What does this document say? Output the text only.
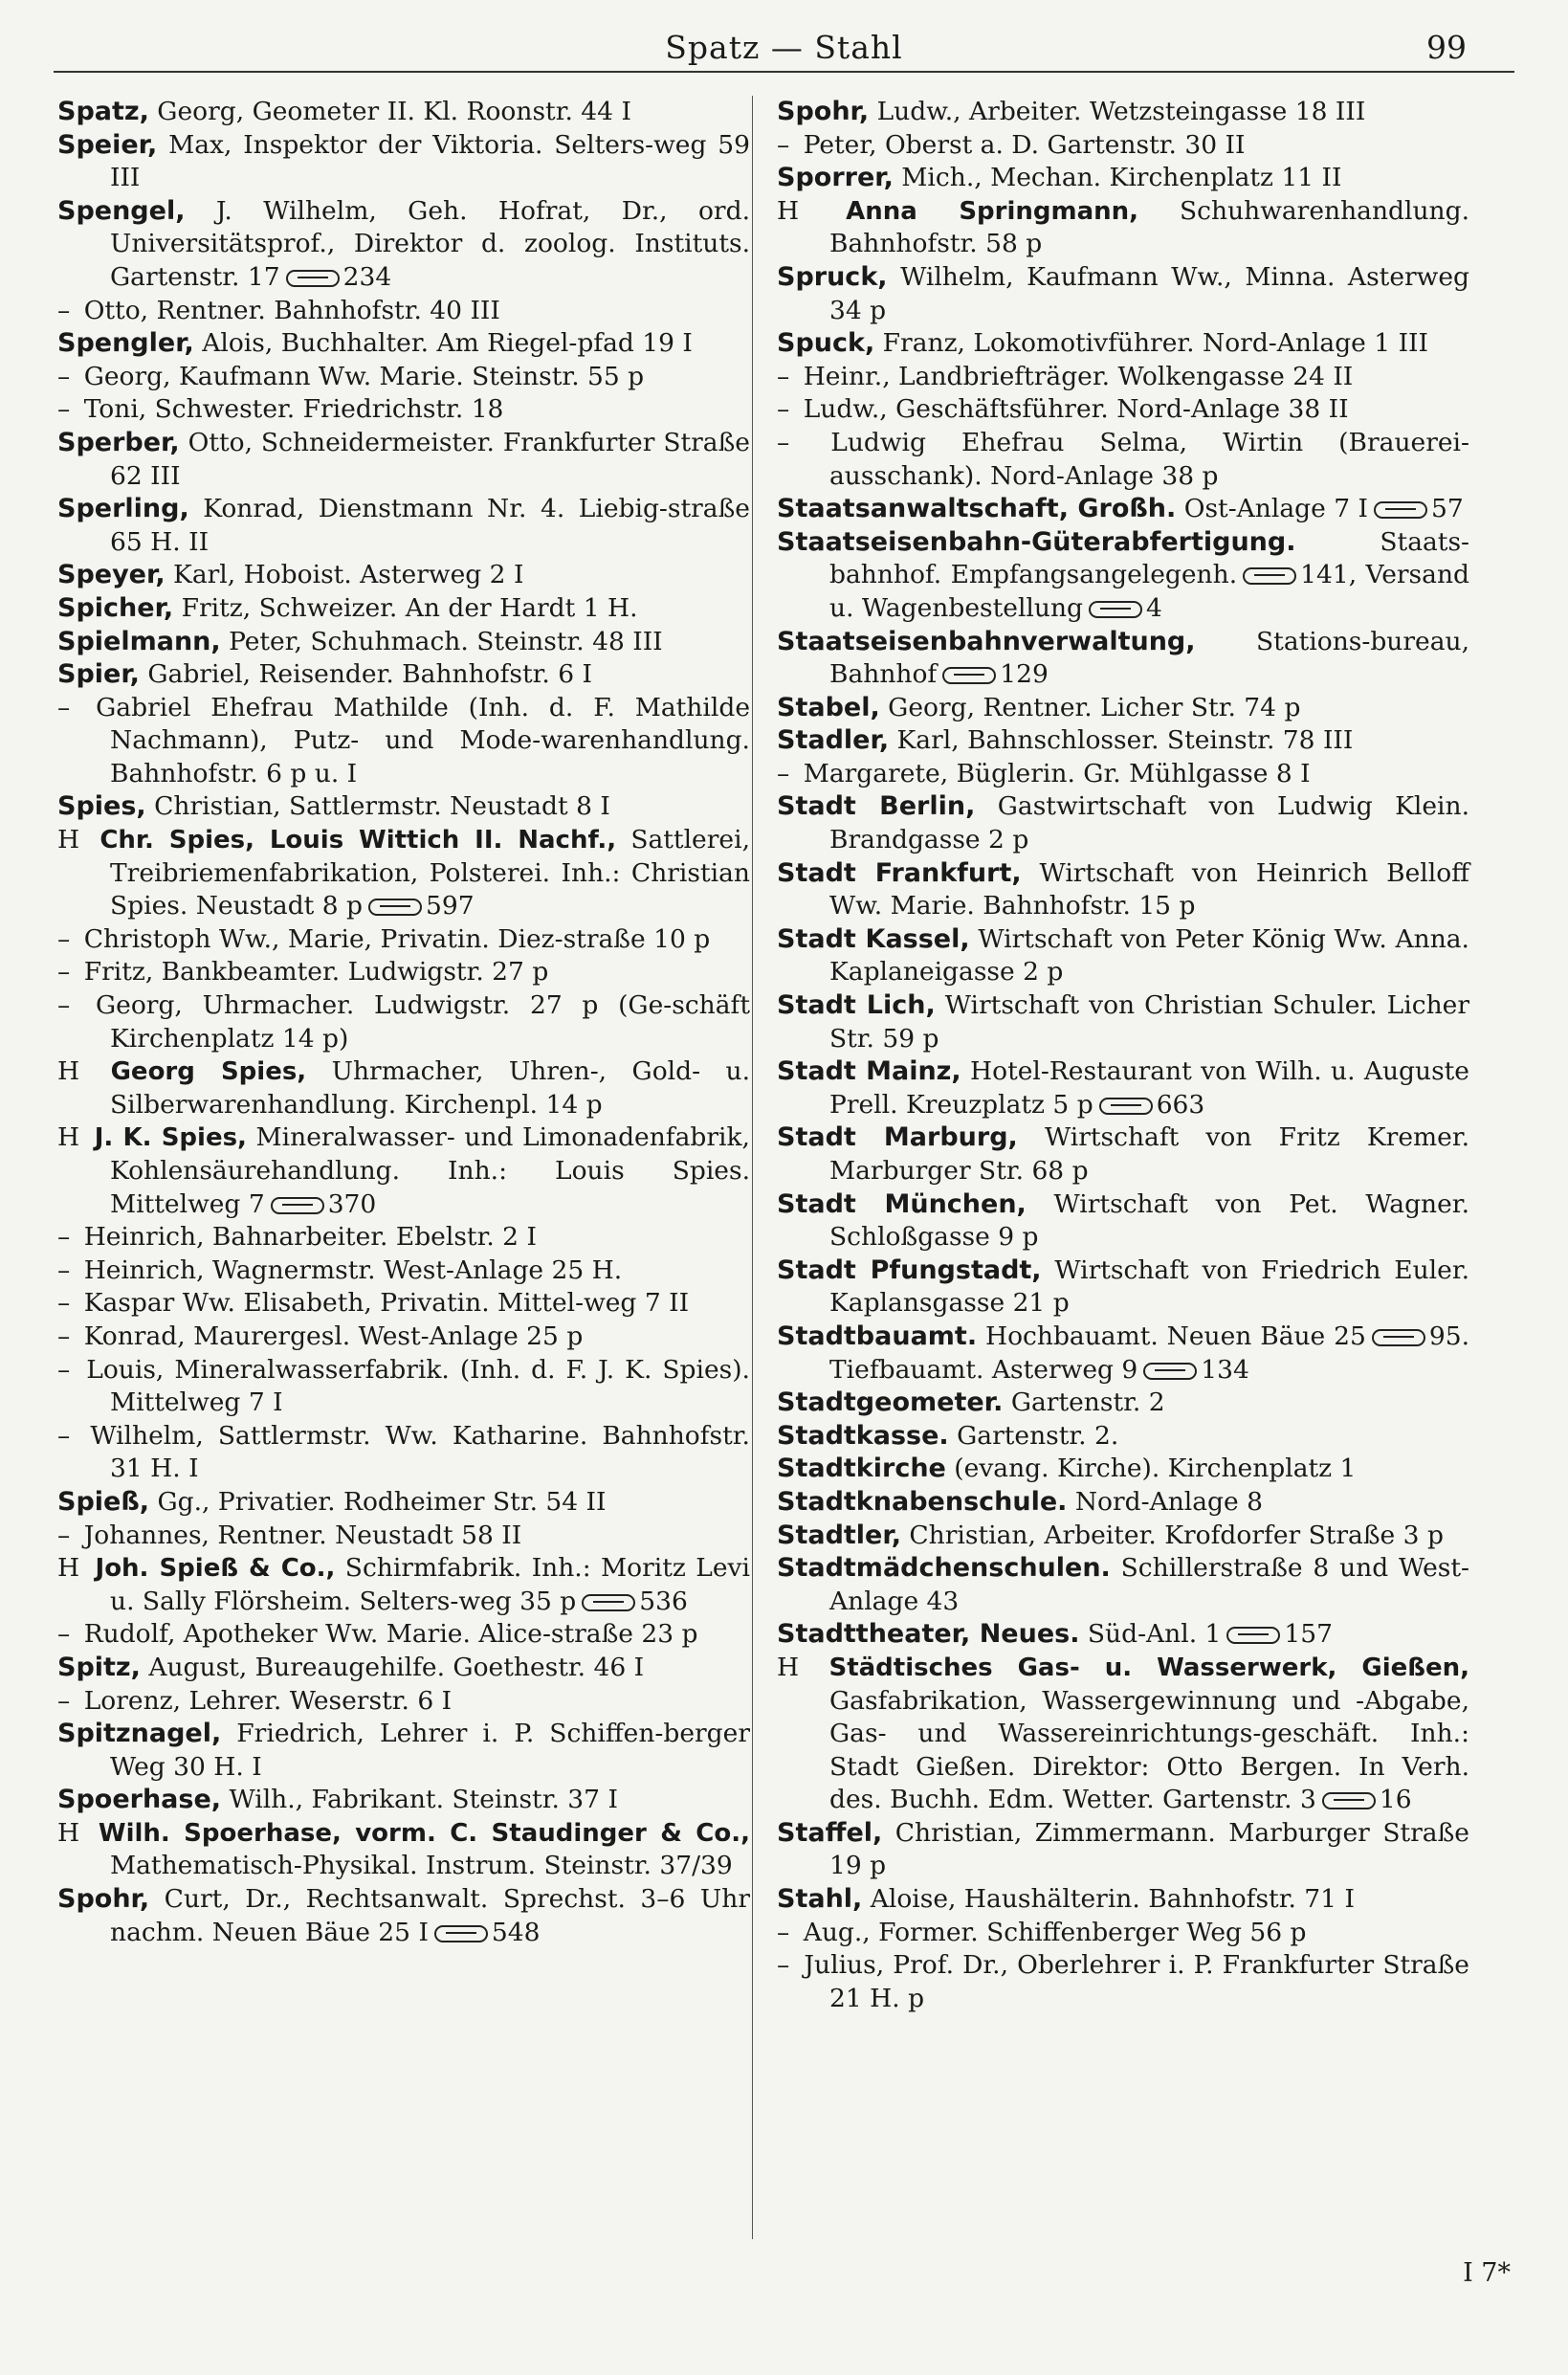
Spatz — Stahl	99

Spatz, Georg, Geometer II. Kl. Roonstr. 44 I

Speier, Max, Inspektor der Viktoria. Selters-weg 59 III

Spengel, J. Wilhelm, Geh. Hofrat, Dr., ord. Universitätsprof., Direktor d. zoolog. Instituts. Gartenstr. 17 234

– Otto, Rentner. Bahnhofstr. 40 III

Spengler, Alois, Buchhalter. Am Riegel-pfad 19 I

– Georg, Kaufmann Ww. Marie. Steinstr. 55 p

– Toni, Schwester. Friedrichstr. 18

Sperber, Otto, Schneidermeister. Frankfurter Straße 62 III

Sperling, Konrad, Dienstmann Nr. 4. Liebig-straße 65 H. II

Speyer, Karl, Hoboist. Asterweg 2 I

Spicher, Fritz, Schweizer. An der Hardt 1 H.

Spielmann, Peter, Schuhmach. Steinstr. 48 III

Spier, Gabriel, Reisender. Bahnhofstr. 6 I

– Gabriel Ehefrau Mathilde (Inh. d. F. Mathilde Nachmann), Putz- und Mode-warenhandlung. Bahnhofstr. 6 p u. I

Spies, Christian, Sattlermstr. Neustadt 8 I

H Chr. Spies, Louis Wittich II. Nachf., Sattlerei, Treibriemenfabrikation, Polsterei. Inh.: Christian Spies. Neustadt 8 p 597

– Christoph Ww., Marie, Privatin. Diez-straße 10 p

– Fritz, Bankbeamter. Ludwigstr. 27 p

– Georg, Uhrmacher. Ludwigstr. 27 p (Ge-schäft Kirchenplatz 14 p)

H Georg Spies, Uhrmacher, Uhren-, Gold- u. Silberwarenhandlung. Kirchenpl. 14 p

H J. K. Spies, Mineralwasser- und Limonadenfabrik, Kohlensäurehandlung. Inh.: Louis Spies. Mittelweg 7 370

– Heinrich, Bahnarbeiter. Ebelstr. 2 I

– Heinrich, Wagnermstr. West-Anlage 25 H.

– Kaspar Ww. Elisabeth, Privatin. Mittel-weg 7 II

– Konrad, Maurergesl. West-Anlage 25 p

– Louis, Mineralwasserfabrik. (Inh. d. F. J. K. Spies). Mittelweg 7 I

– Wilhelm, Sattlermstr. Ww. Katharine. Bahnhofstr. 31 H. I

Spieß, Gg., Privatier. Rodheimer Str. 54 II

– Johannes, Rentner. Neustadt 58 II

H Joh. Spieß & Co., Schirmfabrik. Inh.: Moritz Levi u. Sally Flörsheim. Selters-weg 35 p 536

– Rudolf, Apotheker Ww. Marie. Alice-straße 23 p

Spitz, August, Bureaugehilfe. Goethestr. 46 I

– Lorenz, Lehrer. Weserstr. 6 I

Spitznagel, Friedrich, Lehrer i. P. Schiffen-berger Weg 30 H. I

Spoerhase, Wilh., Fabrikant. Steinstr. 37 I

H Wilh. Spoerhase, vorm. C. Staudinger & Co., Mathematisch-Physikal. Instrum. Steinstr. 37/39

Spohr, Curt, Dr., Rechtsanwalt. Sprechst. 3–6 Uhr nachm. Neuen Bäue 25 I 548

Spohr, Ludw., Arbeiter. Wetzsteingasse 18 III

– Peter, Oberst a. D. Gartenstr. 30 II

Sporrer, Mich., Mechan. Kirchenplatz 11 II

H Anna Springmann, Schuhwarenhandlung. Bahnhofstr. 58 p

Spruck, Wilhelm, Kaufmann Ww., Minna. Asterweg 34 p

Spuck, Franz, Lokomotivführer. Nord-Anlage 1 III

– Heinr., Landbriefträger. Wolkengasse 24 II

– Ludw., Geschäftsführer. Nord-Anlage 38 II

– Ludwig Ehefrau Selma, Wirtin (Brauerei-ausschank). Nord-Anlage 38 p

Staatsanwaltschaft, Großh. Ost-Anlage 7 I 57

Staatseisenbahn-Güterabfertigung. Staats-bahnhof. Empfangsangelegenh. 141, Versand u. Wagenbestellung 4

Staatseisenbahnverwaltung, Stations-bureau, Bahnhof 129

Stabel, Georg, Rentner. Licher Str. 74 p

Stadler, Karl, Bahnschlosser. Steinstr. 78 III

– Margarete, Büglerin. Gr. Mühlgasse 8 I

Stadt Berlin, Gastwirtschaft von Ludwig Klein. Brandgasse 2 p

Stadt Frankfurt, Wirtschaft von Heinrich Belloff Ww. Marie. Bahnhofstr. 15 p

Stadt Kassel, Wirtschaft von Peter König Ww. Anna. Kaplaneigasse 2 p

Stadt Lich, Wirtschaft von Christian Schuler. Licher Str. 59 p

Stadt Mainz, Hotel-Restaurant von Wilh. u. Auguste Prell. Kreuzplatz 5 p 663

Stadt Marburg, Wirtschaft von Fritz Kremer. Marburger Str. 68 p

Stadt München, Wirtschaft von Pet. Wagner. Schloßgasse 9 p

Stadt Pfungstadt, Wirtschaft von Friedrich Euler. Kaplansgasse 21 p

Stadtbauamt. Hochbauamt. Neuen Bäue 25 95. Tiefbauamt. Asterweg 9 134

Stadtgeometer. Gartenstr. 2

Stadtkasse. Gartenstr. 2.

Stadtkirche (evang. Kirche). Kirchenplatz 1

Stadtknabenschule. Nord-Anlage 8

Stadtler, Christian, Arbeiter. Krofdorfer Straße 3 p

Stadtmädchenschulen. Schillerstraße 8 und West-Anlage 43

Stadttheater, Neues. Süd-Anl. 1 157

H Städtisches Gas- u. Wasserwerk, Gießen, Gasfabrikation, Wassergewinnung und -Abgabe, Gas- und Wassereinrichtungs-geschäft. Inh.: Stadt Gießen. Direktor: Otto Bergen. In Verh. des. Buchh. Edm. Wetter. Gartenstr. 3 16

Staffel, Christian, Zimmermann. Marburger Straße 19 p

Stahl, Aloise, Haushälterin. Bahnhofstr. 71 I

– Aug., Former. Schiffenberger Weg 56 p

– Julius, Prof. Dr., Oberlehrer i. P. Frankfurter Straße 21 H. p

I 7*
